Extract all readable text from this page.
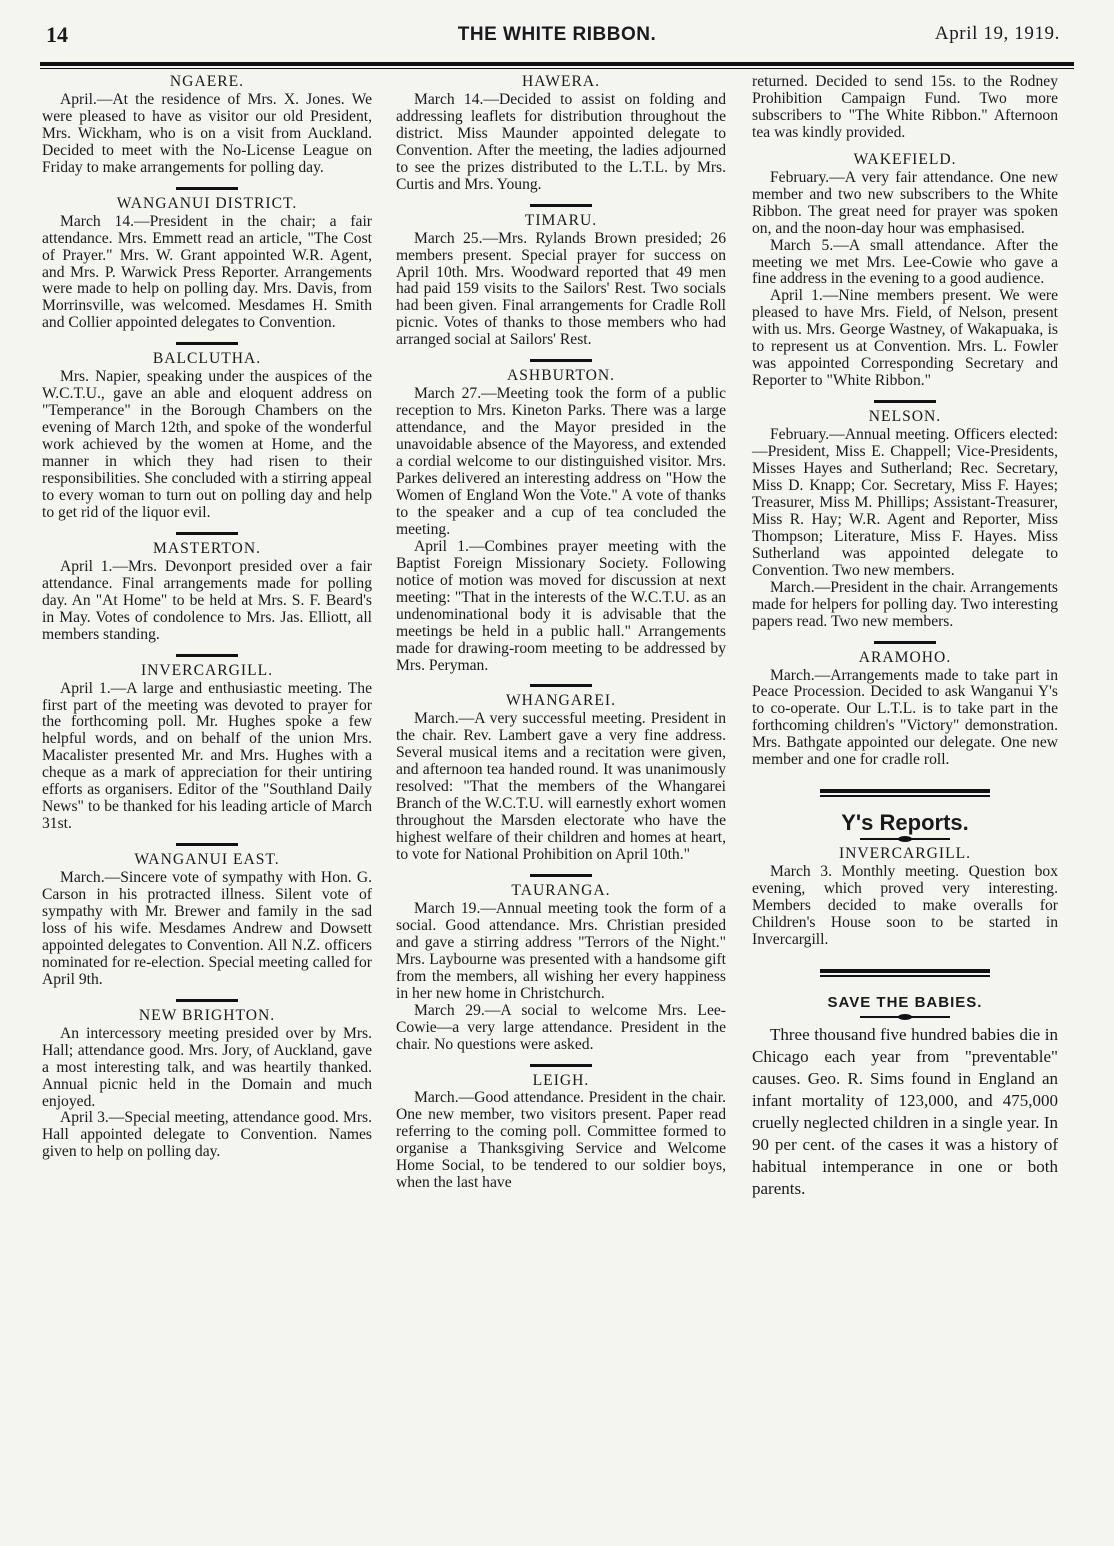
14	THE WHITE RIBBON.	April 19, 1919.
NGAERE.

April.—At the residence of Mrs. X. Jones. We were pleased to have as visitor our old President, Mrs. Wickham, who is on a visit from Auckland. Decided to meet with the No-License League on Friday to make arrangements for polling day.

WANGANUI DISTRICT.

March 14.—President in the chair; a fair attendance. Mrs. Emmett read an article, "The Cost of Prayer." Mrs. W. Grant appointed W.R. Agent, and Mrs. P. Warwick Press Reporter. Arrangements were made to help on polling day. Mrs. Davis, from Morrinsville, was welcomed. Mesdames H. Smith and Collier appointed delegates to Convention.

BALCLUTHA.

Mrs. Napier, speaking under the auspices of the W.C.T.U., gave an able and eloquent address on "Temperance" in the Borough Chambers on the evening of March 12th, and spoke of the wonderful work achieved by the women at Home, and the manner in which they had risen to their responsibilities. She concluded with a stirring appeal to every woman to turn out on polling day and help to get rid of the liquor evil.

MASTERTON.

April 1.—Mrs. Devonport presided over a fair attendance. Final arrangements made for polling day. An "At Home" to be held at Mrs. S. F. Beard's in May. Votes of condolence to Mrs. Jas. Elliott, all members standing.

INVERCARGILL.

April 1.—A large and enthusiastic meeting. The first part of the meeting was devoted to prayer for the forthcoming poll. Mr. Hughes spoke a few helpful words, and on behalf of the union Mrs. Macalister presented Mr. and Mrs. Hughes with a cheque as a mark of appreciation for their untiring efforts as organisers. Editor of the "Southland Daily News" to be thanked for his leading article of March 31st.

WANGANUI EAST.

March.—Sincere vote of sympathy with Hon. G. Carson in his protracted illness. Silent vote of sympathy with Mr. Brewer and family in the sad loss of his wife. Mesdames Andrew and Dowsett appointed delegates to Convention. All N.Z. officers nominated for re-election. Special meeting called for April 9th.

NEW BRIGHTON.

An intercessory meeting presided over by Mrs. Hall; attendance good. Mrs. Jory, of Auckland, gave a most interesting talk, and was heartily thanked. Annual picnic held in the Domain and much enjoyed.

April 3.—Special meeting, attendance good. Mrs. Hall appointed delegate to Convention. Names given to help on polling day.

HAWERA.

March 14.—Decided to assist on folding and addressing leaflets for distribution throughout the district. Miss Maunder appointed delegate to Convention. After the meeting, the ladies adjourned to see the prizes distributed to the L.T.L. by Mrs. Curtis and Mrs. Young.

TIMARU.

March 25.—Mrs. Rylands Brown presided; 26 members present. Special prayer for success on April 10th. Mrs. Woodward reported that 49 men had paid 159 visits to the Sailors' Rest. Two socials had been given. Final arrangements for Cradle Roll picnic. Votes of thanks to those members who had arranged social at Sailors' Rest.

ASHBURTON.

March 27.—Meeting took the form of a public reception to Mrs. Kineton Parks. There was a large attendance, and the Mayor presided in the unavoidable absence of the Mayoress, and extended a cordial welcome to our distinguished visitor. Mrs. Parkes delivered an interesting address on "How the Women of England Won the Vote." A vote of thanks to the speaker and a cup of tea concluded the meeting.

April 1.—Combines prayer meeting with the Baptist Foreign Missionary Society. Following notice of motion was moved for discussion at next meeting: "That in the interests of the W.C.T.U. as an undenominational body it is advisable that the meetings be held in a public hall." Arrangements made for drawing-room meeting to be addressed by Mrs. Peryman.

WHANGAREI.

March.—A very successful meeting. President in the chair. Rev. Lambert gave a very fine address. Several musical items and a recitation were given, and afternoon tea handed round. It was unanimously resolved: "That the members of the Whangarei Branch of the W.C.T.U. will earnestly exhort women throughout the Marsden electorate who have the highest welfare of their children and homes at heart, to vote for National Prohibition on April 10th."

TAURANGA.

March 19.—Annual meeting took the form of a social. Good attendance. Mrs. Christian presided and gave a stirring address "Terrors of the Night." Mrs. Laybourne was presented with a handsome gift from the members, all wishing her every happiness in her new home in Christchurch.

March 29.—A social to welcome Mrs. Lee-Cowie—a very large attendance. President in the chair. No questions were asked.

LEIGH.

March.—Good attendance. President in the chair. One new member, two visitors present. Paper read referring to the coming poll. Committee formed to organise a Thanksgiving Service and Welcome Home Social, to be tendered to our soldier boys, when the last have

returned. Decided to send 15s. to the Rodney Prohibition Campaign Fund. Two more subscribers to "The White Ribbon." Afternoon tea was kindly provided.

WAKEFIELD.

February.—A very fair attendance. One new member and two new subscribers to the White Ribbon. The great need for prayer was spoken on, and the noon-day hour was emphasised.

March 5.—A small attendance. After the meeting we met Mrs. Lee-Cowie who gave a fine address in the evening to a good audience.

April 1.—Nine members present. We were pleased to have Mrs. Field, of Nelson, present with us. Mrs. George Wastney, of Wakapuaka, is to represent us at Convention. Mrs. L. Fowler was appointed Corresponding Secretary and Reporter to "White Ribbon."

NELSON.

February.—Annual meeting. Officers elected:—President, Miss E. Chappell; Vice-Presidents, Misses Hayes and Sutherland; Rec. Secretary, Miss D. Knapp; Cor. Secretary, Miss F. Hayes; Treasurer, Miss M. Phillips; Assistant-Treasurer, Miss R. Hay; W.R. Agent and Reporter, Miss Thompson; Literature, Miss F. Hayes. Miss Sutherland was appointed delegate to Convention. Two new members.

March.—President in the chair. Arrangements made for helpers for polling day. Two interesting papers read. Two new members.

ARAMOHO.

March.—Arrangements made to take part in Peace Procession. Decided to ask Wanganui Y's to co-operate. Our L.T.L. is to take part in the forthcoming children's "Victory" demonstration. Mrs. Bathgate appointed our delegate. One new member and one for cradle roll.

Y's Reports.
INVERCARGILL.

March 3. Monthly meeting. Question box evening, which proved very interesting. Members decided to make overalls for Children's House soon to be started in Invercargill.

SAVE THE BABIES.

Three thousand five hundred babies die in Chicago each year from "preventable" causes. Geo. R. Sims found in England an infant mortality of 123,000, and 475,000 cruelly neglected children in a single year. In 90 per cent. of the cases it was a history of habitual intemperance in one or both parents.
